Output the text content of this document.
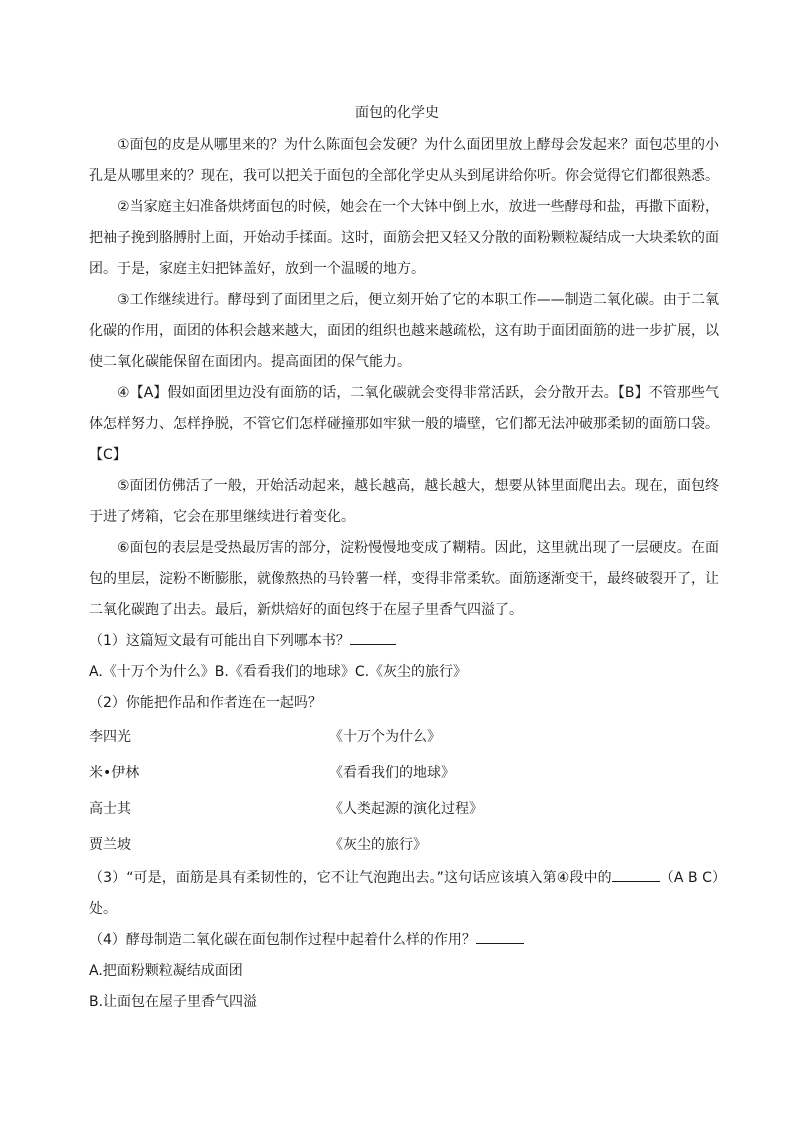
面包的化学史

①面包的皮是从哪里来的？为什么陈面包会发硬？为什么面团里放上酵母会发起来？面包芯里的小孔是从哪里来的？现在，我可以把关于面包的全部化学史从头到尾讲给你听。你会觉得它们都很熟悉。

②当家庭主妇准备烘烤面包的时候，她会在一个大钵中倒上水，放进一些酵母和盐，再撒下面粉，把袖子挽到胳膊肘上面，开始动手揉面。这时，面筋会把又轻又分散的面粉颗粒凝结成一大块柔软的面团。于是，家庭主妇把钵盖好，放到一个温暖的地方。

③工作继续进行。酵母到了面团里之后，便立刻开始了它的本职工作——制造二氧化碳。由于二氧化碳的作用，面团的体积会越来越大，面团的组织也越来越疏松，这有助于面团面筋的进一步扩展，以使二氧化碳能保留在面团内。提高面团的保气能力。

④【A】假如面团里边没有面筋的话，二氧化碳就会变得非常活跃，会分散开去。【B】不管那些气体怎样努力、怎样挣脱，不管它们怎样碰撞那如牢狱一般的墙壁，它们都无法冲破那柔韧的面筋口袋。【C】

⑤面团仿佛活了一般，开始活动起来，越长越高，越长越大，想要从钵里面爬出去。现在，面包终于进了烤箱，它会在那里继续进行着变化。

⑥面包的表层是受热最厉害的部分，淀粉慢慢地变成了糊精。因此，这里就出现了一层硬皮。在面包的里层，淀粉不断膨胀，就像熬热的马铃薯一样，变得非常柔软。面筋逐渐变干，最终破裂开了，让二氧化碳跑了出去。最后，新烘焙好的面包终于在屋子里香气四溢了。

（1）这篇短文最有可能出自下列哪本书？

A.《十万个为什么》B.《看看我们的地球》C.《灰尘的旅行》

（2）你能把作品和作者连在一起吗？

李四光	《十万个为什么》
米•伊林	《看看我们的地球》
高士其	《人类起源的演化过程》
贾兰坡	《灰尘的旅行》

（3）“可是，面筋是具有柔韧性的，它不让气泡跑出去。”这句话应该填入第④段中的	（A B C）处。

（4）酵母制造二氧化碳在面包制作过程中起着什么样的作用？

A.把面粉颗粒凝结成面团

B.让面包在屋子里香气四溢
